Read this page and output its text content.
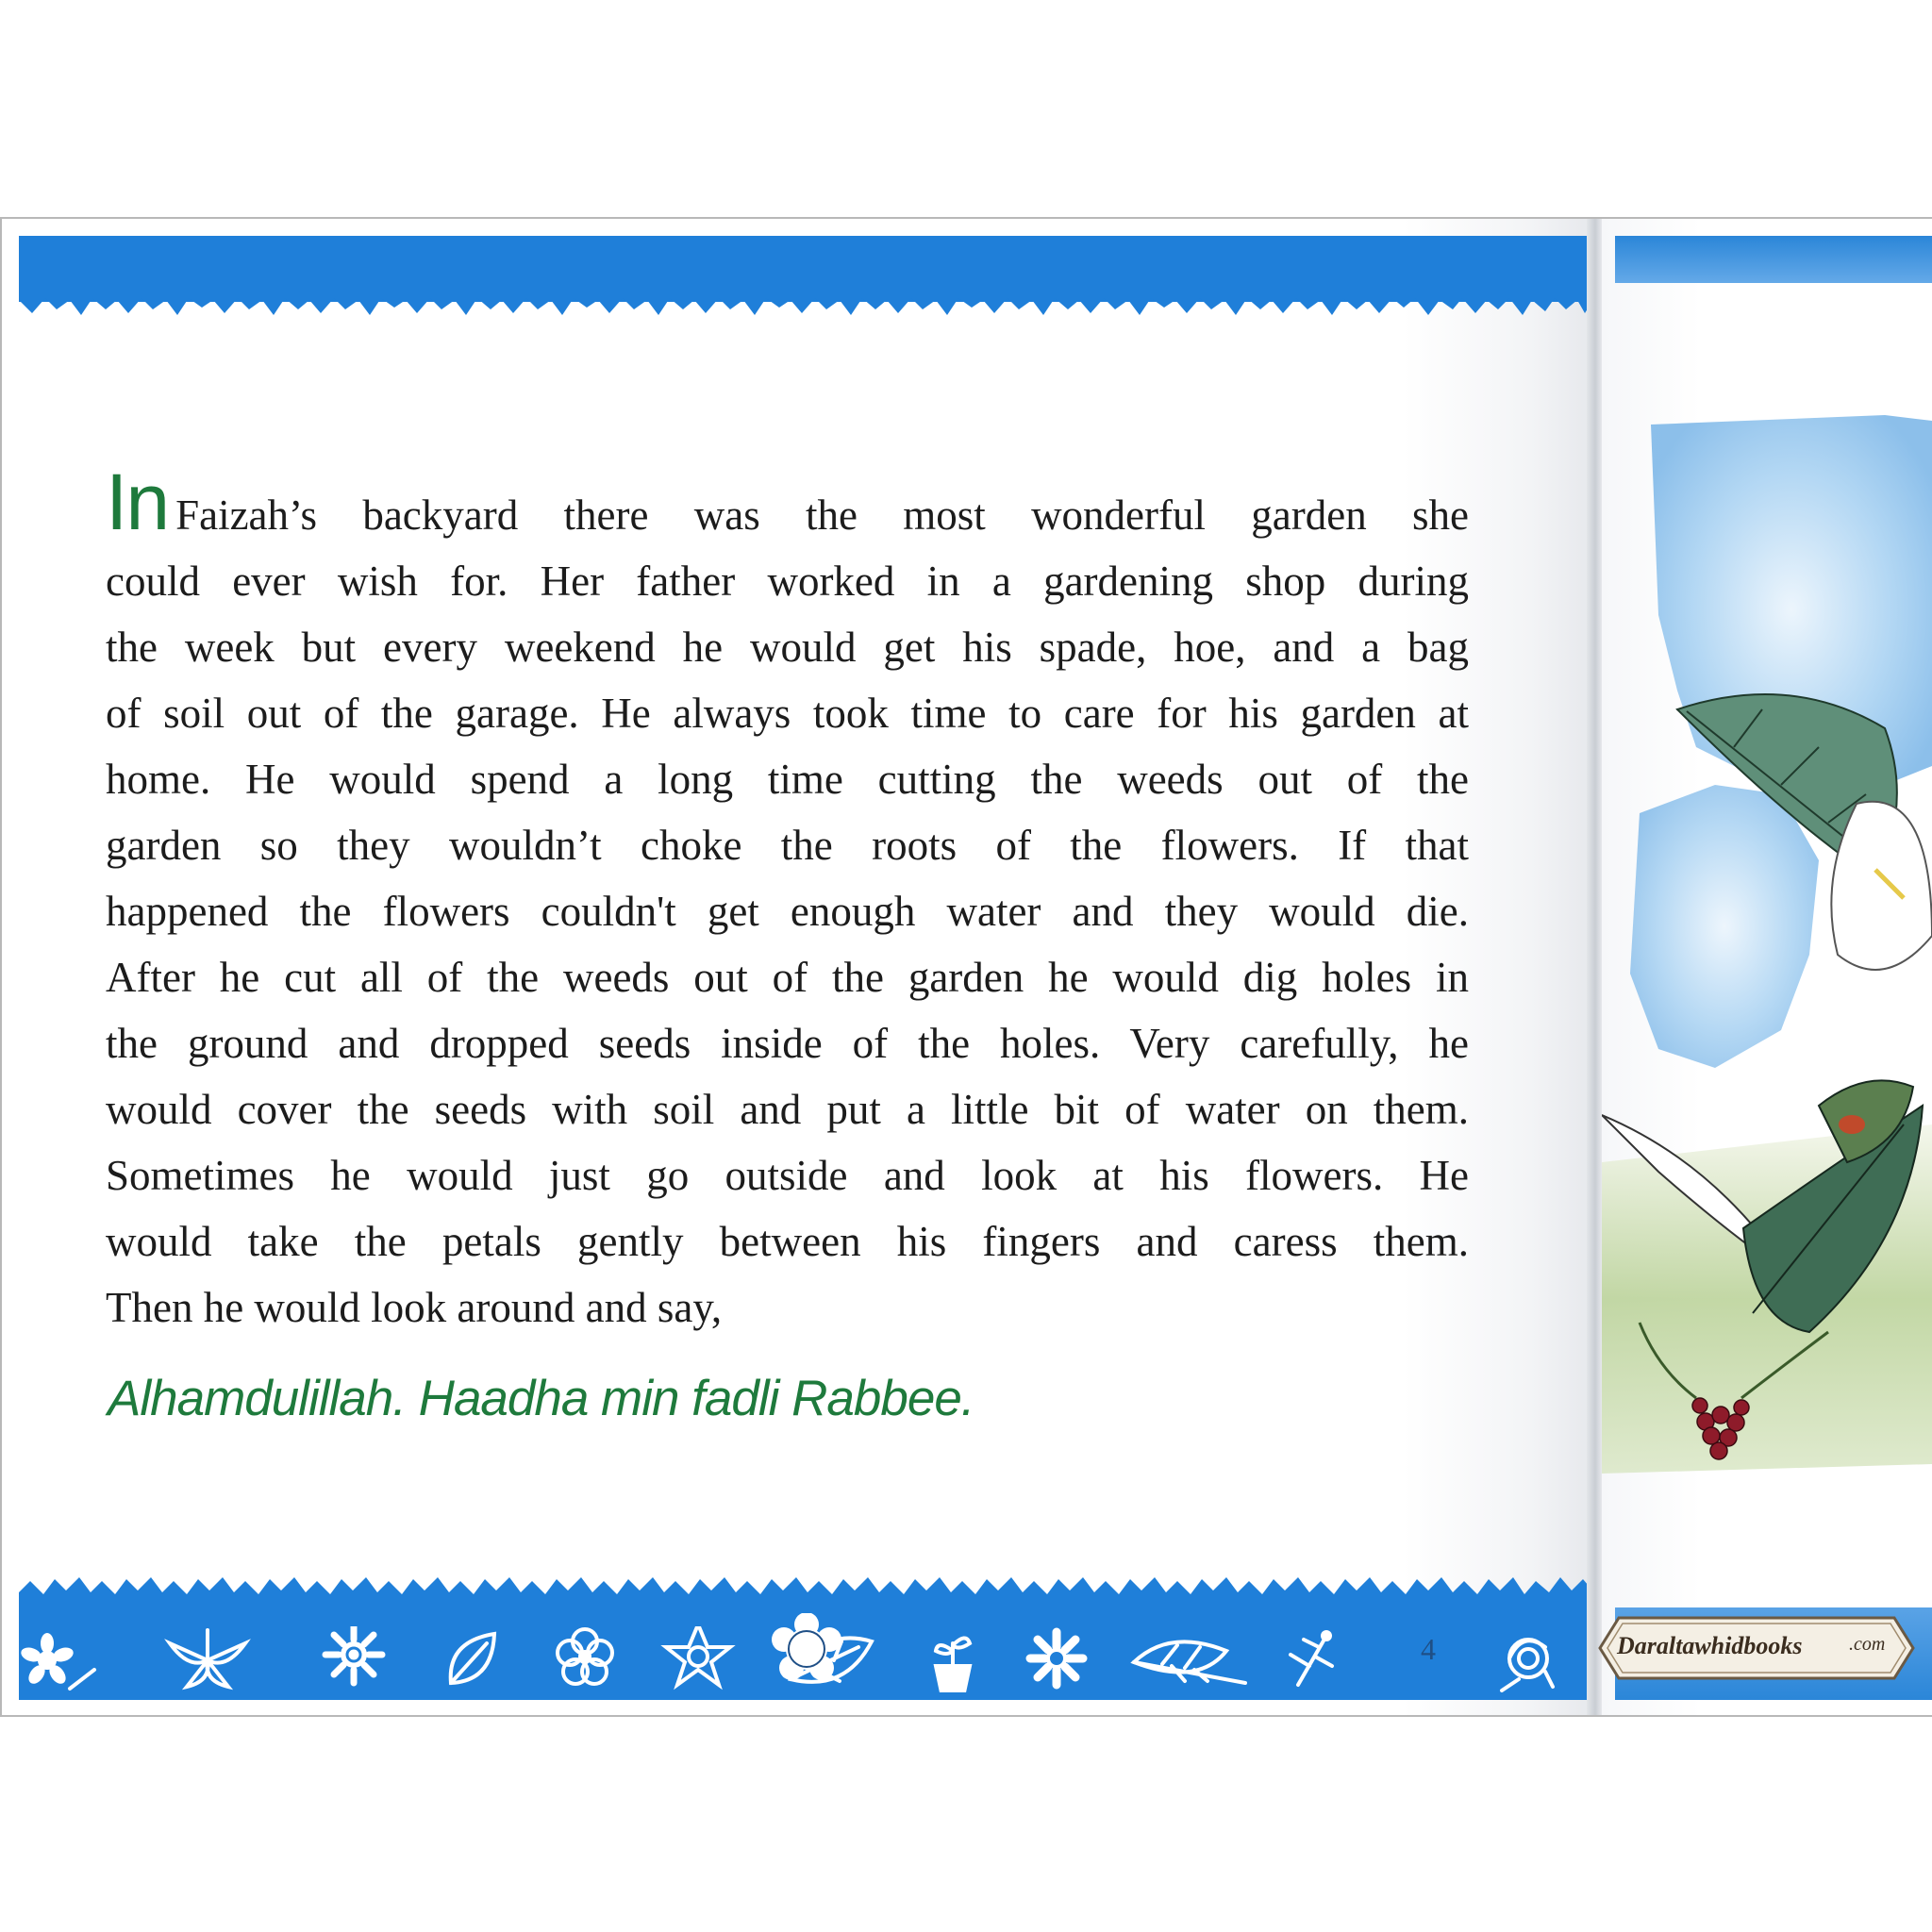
In Faizah’s backyard there was the most wonderful garden she
could ever wish for. Her father worked in a gardening shop during
the week but every weekend he would get his spade, hoe, and a bag
of soil out of the garage. He always took time to care for his garden at
home. He would spend a long time cutting the weeds out of the
garden so they wouldn’t choke the roots of the flowers. If that
happened the flowers couldn't get enough water and they would die.
After he cut all of the weeds out of the garden he would dig holes in
the ground and dropped seeds inside of the holes. Very carefully, he
would cover the seeds with soil and put a little bit of water on them.
Sometimes he would just go outside and look at his flowers. He
would take the petals gently between his fingers and caress them.
Then he would look around and say,
Alhamdulillah. Haadha min fadli Rabbee.
4	Daraltawhidbooks .com
